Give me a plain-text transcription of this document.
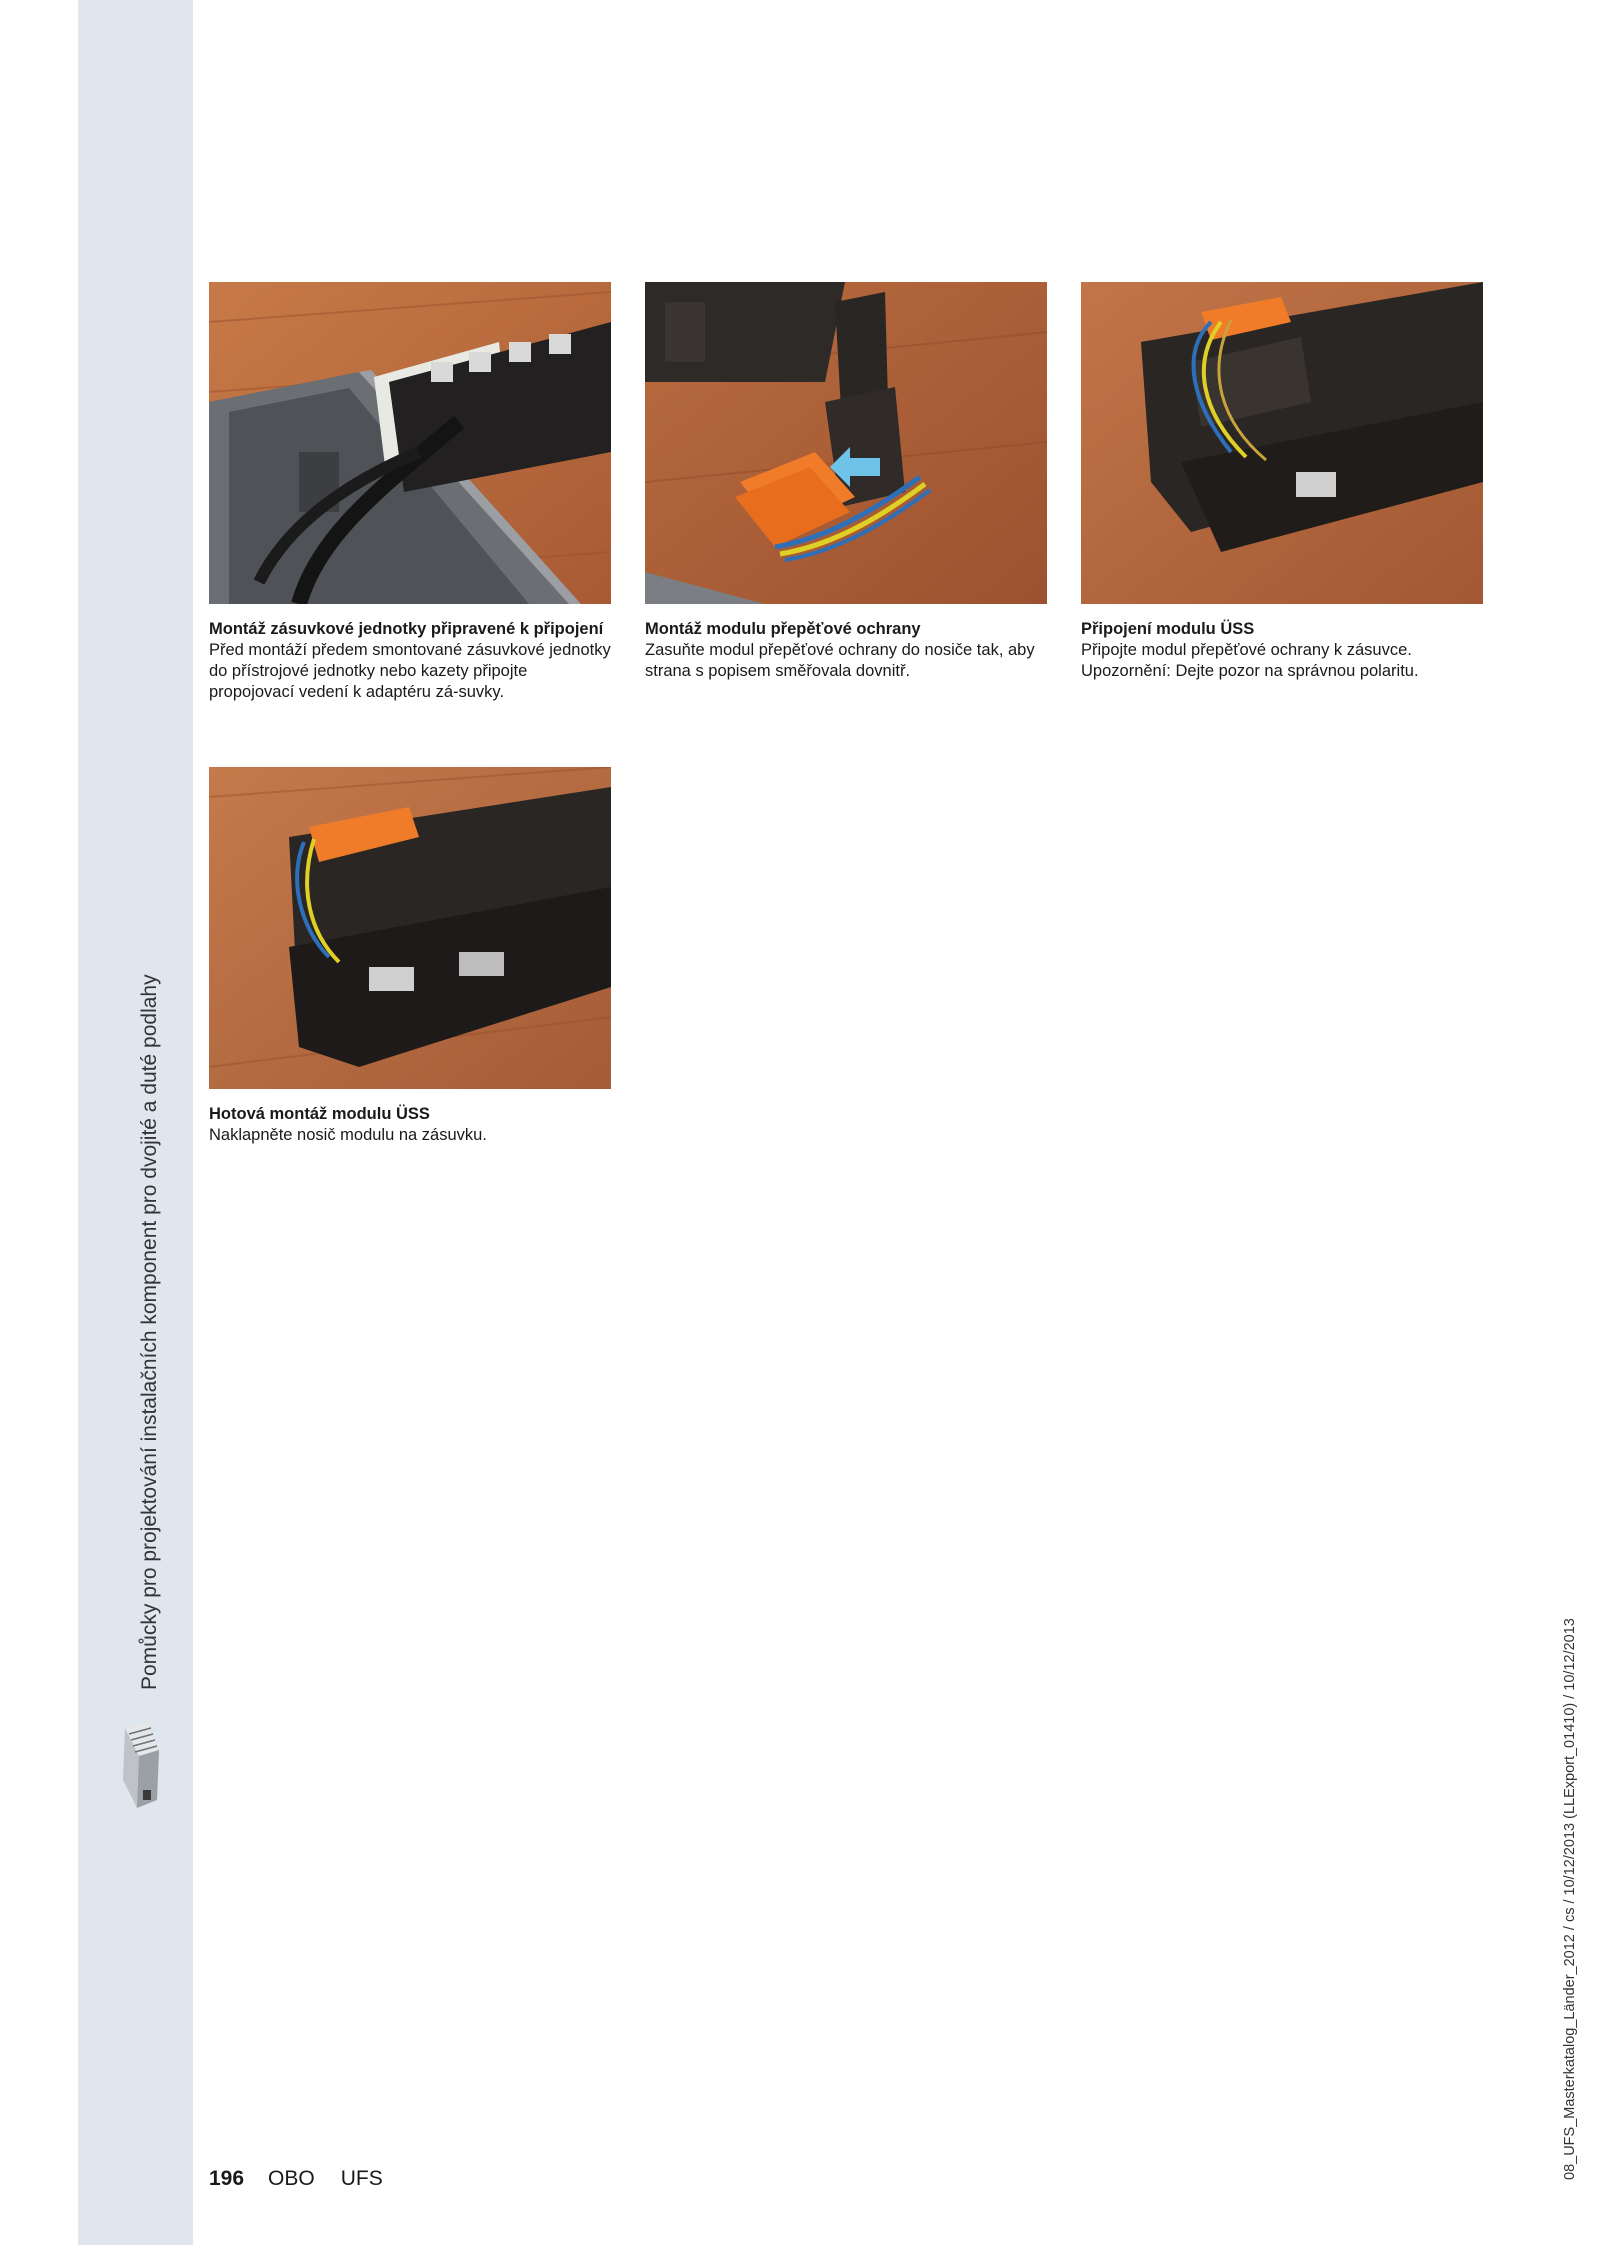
Pomůcky pro projektování instalačních komponent pro dvojité a duté podlahy
Montáž zásuvkové jednotky připravené k připojení
Před montáží předem smontované zásuvkové jednotky do přístrojové jednotky nebo kazety připojte propojovací vedení k adaptéru zá-suvky.
Montáž modulu přepěťové ochrany
Zasuňte modul přepěťové ochrany do nosiče tak, aby strana s popisem směřovala dovnitř.
Připojení modulu ÜSS
Připojte modul přepěťové ochrany k zásuvce. Upozornění: Dejte pozor na správnou polaritu.
Hotová montáž modulu ÜSS
Naklapněte nosič modulu na zásuvku.
08_UFS_Masterkatalog_Länder_2012 / cs / 10/12/2013 (LLExport_01410) / 10/12/2013
196 OBO UFS
